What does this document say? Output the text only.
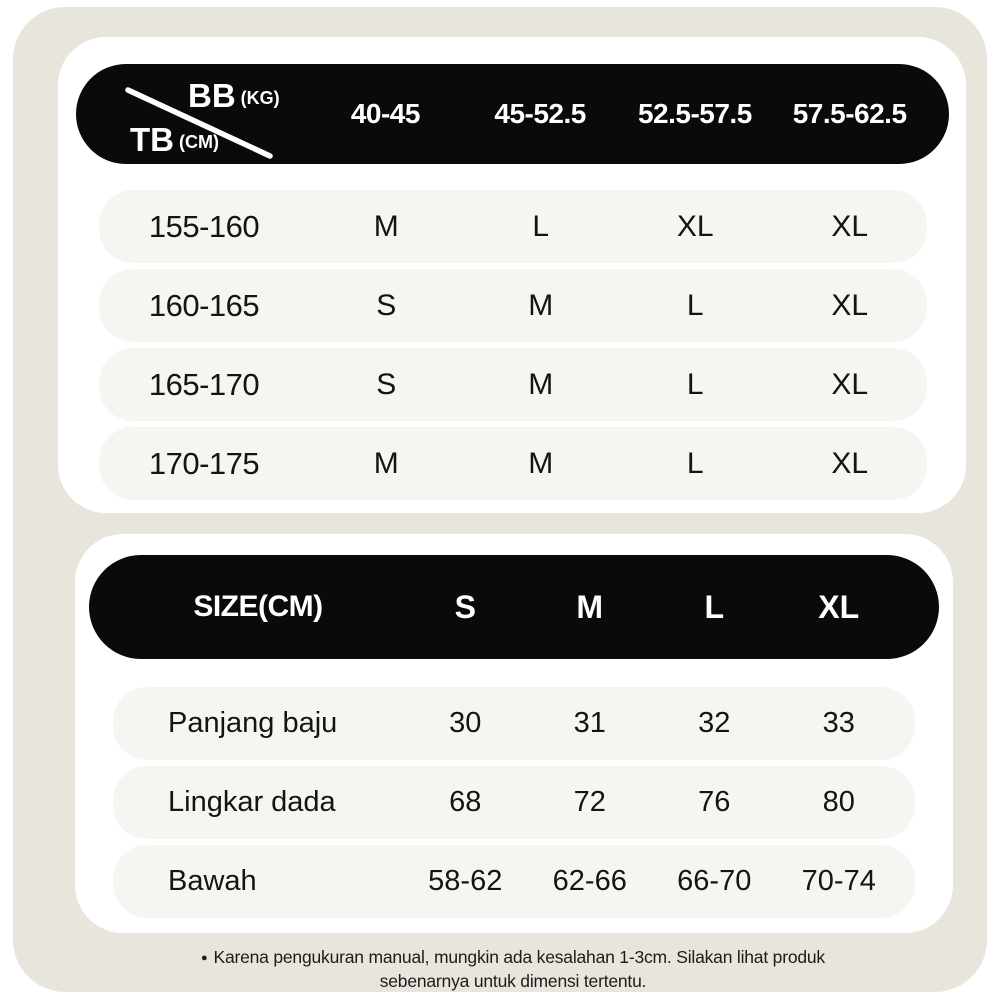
BB (KG)
TB (CM)
40-45	45-52.5	52.5-57.5	57.5-62.5
155-160	M	L	XL	XL
160-165	S	M	L	XL
165-170	S	M	L	XL
170-175	M	M	L	XL
SIZE(CM)	S	M	L	XL
Panjang baju	30	31	32	33
Lingkar dada	68	72	76	80
Bawah	58-62	62-66	66-70	70-74
● Karena pengukuran manual, mungkin ada kesalahan 1-3cm. Silakan lihat produk
sebenarnya untuk dimensi tertentu.
